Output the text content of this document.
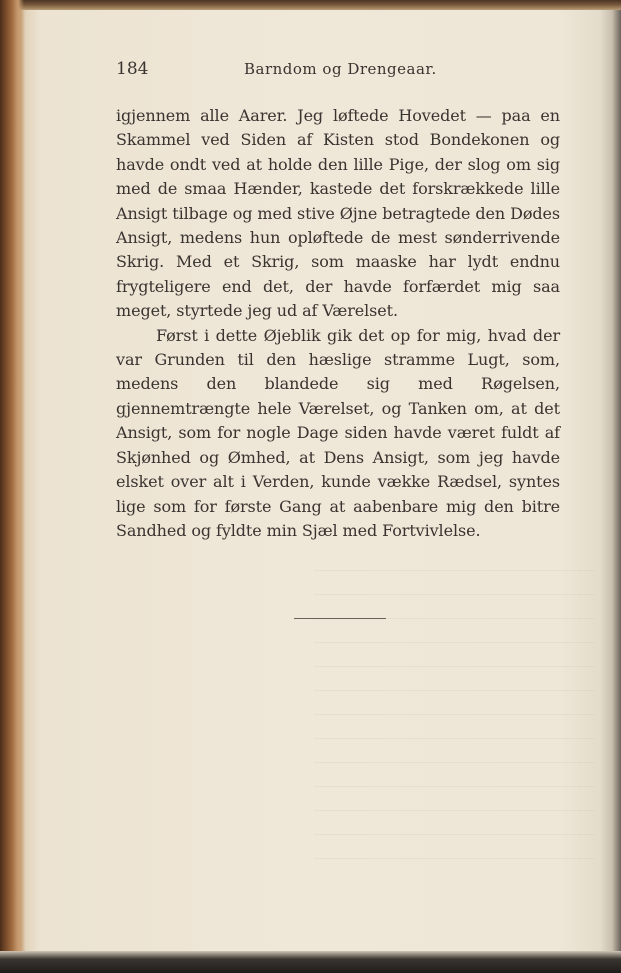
184	Barndom og Drengeaar.

igjennem alle Aarer. Jeg løftede Hovedet — paa en Skammel ved Siden af Kisten stod Bondekonen og havde ondt ved at holde den lille Pige, der slog om sig med de smaa Hænder, kastede det forskrækkede lille Ansigt tilbage og med stive Øjne betragtede den Dødes Ansigt, medens hun opløftede de mest sønderrivende Skrig. Med et Skrig, som maaske har lydt endnu frygteligere end det, der havde forfærdet mig saa meget, styrtede jeg ud af Værelset.

Først i dette Øjeblik gik det op for mig, hvad der var Grunden til den hæslige stramme Lugt, som, medens den blandede sig med Røgelsen, gjennemtrængte hele Værelset, og Tanken om, at det Ansigt, som for nogle Dage siden havde været fuldt af Skjønhed og Ømhed, at Dens Ansigt, som jeg havde elsket over alt i Verden, kunde vække Rædsel, syntes lige som for første Gang at aabenbare mig den bitre Sandhed og fyldte min Sjæl med Fortvivlelse.
